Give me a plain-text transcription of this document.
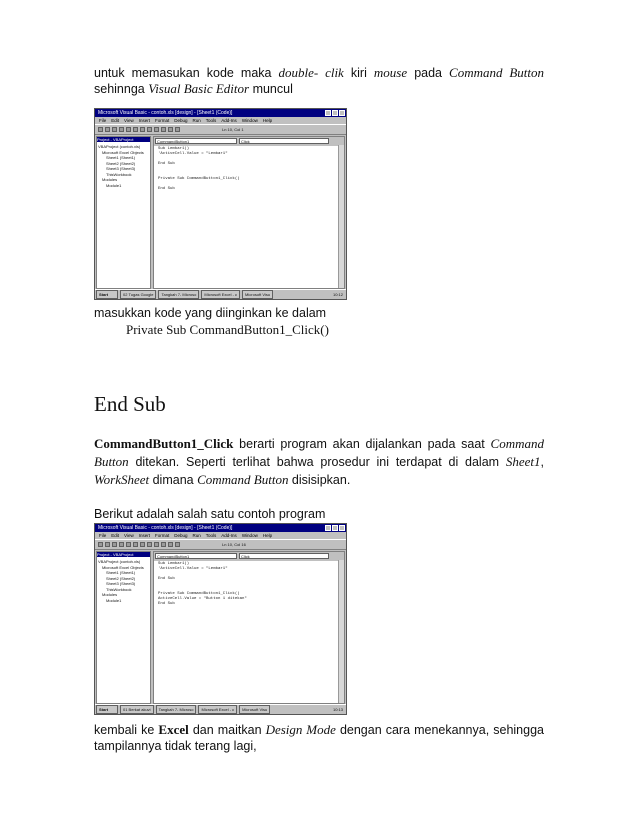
untuk memasukan kode maka double- clik kiri mouse pada Command Button sehinnga Visual Basic Editor muncul

Microsoft Visual Basic - contoh.xls [design] - [Sheet1 (Code)]
File Edit View Insert Format Debug Run Tools Add-Ins Window Help
Ln 10, Col 1
Project - VBAProject
VBAProject (contoh.xls)
Microsoft Excel Objects
Sheet1 (Sheet1)
Sheet2 (Sheet2)
Sheet3 (Sheet3)
ThisWorkbook
Modules
Module1
CommandButton1	Click
Sub Lembar1()
'ActiveCell.Value = "Lembar1"

End Sub

Private Sub CommandButton1_Click()

End Sub
Start	02 Tugas Google	Tangkah 7- Microso	Microsoft Excel - c	Microsoft Visu	10:12

masukkan kode yang diinginkan ke dalam

Private Sub CommandButton1_Click()
End Sub

CommandButton1_Click berarti program akan dijalankan pada saat Command Button ditekan. Seperti terlihat bahwa prosedur ini terdapat di dalam Sheet1, WorkSheet dimana Command Button disisipkan.

Berikut adalah salah satu contoh program

Microsoft Visual Basic - contoh.xls [design] - [Sheet1 (Code)]
File Edit View Insert Format Debug Run Tools Add-Ins Window Help
Ln 10, Col 16
Project - VBAProject
VBAProject (contoh.xls)
Microsoft Excel Objects
Sheet1 (Sheet1)
Sheet2 (Sheet2)
Sheet3 (Sheet3)
ThisWorkbook
Modules
Module1
CommandButton1	Click
Sub Lembar1()
'ActiveCell.Value = "Lembar1"

End Sub

Private Sub CommandButton1_Click()
ActiveCell.Value = "Button 1 ditekan"
End Sub
Start	01 Berkat akuvi	Tangkah 7- Microso	Microsoft Excel - c	Microsoft Visu	10:13

kembali ke Excel dan maitkan Design Mode dengan cara menekannya, sehingga tampilannya tidak terang lagi,
